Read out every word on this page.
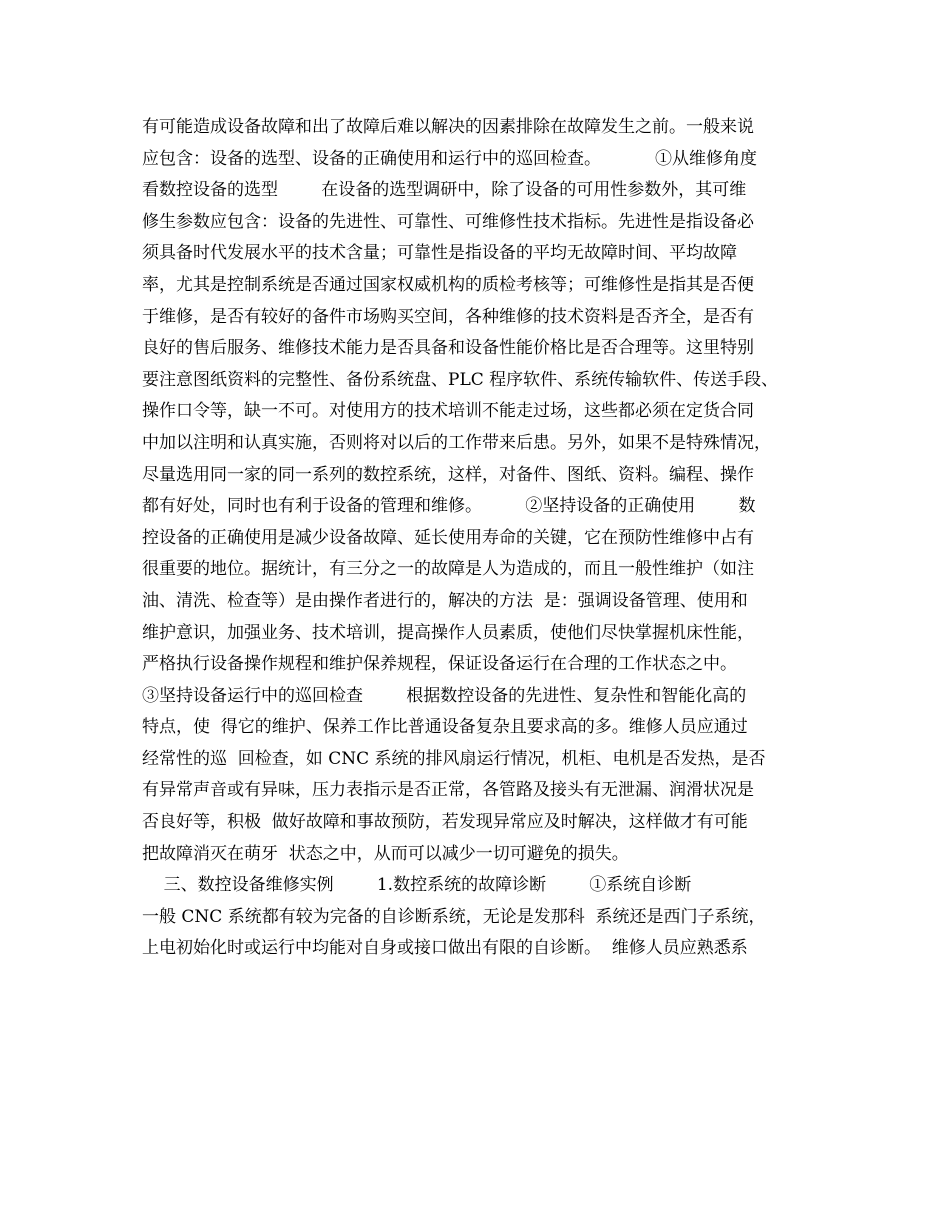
有可能造成设备故障和出了故障后难以解决的因素排除在故障发生之前。一般来说
应包含：设备的选型、设备的正确使用和运行中的巡回检查。          ①从维修角度
看数控设备的选型        在设备的选型调研中，除了设备的可用性参数外，其可维
修生参数应包含：设备的先进性、可靠性、可维修性技术指标。先进性是指设备必
须具备时代发展水平的技术含量；可靠性是指设备的平均无故障时间、平均故障
率，尤其是控制系统是否通过国家权威机构的质检考核等；可维修性是指其是否便
于维修，是否有较好的备件市场购买空间，各种维修的技术资料是否齐全，是否有
良好的售后服务、维修技术能力是否具备和设备性能价格比是否合理等。这里特别
要注意图纸资料的完整性、备份系统盘、PLC 程序软件、系统传输软件、传送手段、
操作口令等，缺一不可。对使用方的技术培训不能走过场，这些都必须在定货合同
中加以注明和认真实施，否则将对以后的工作带来后患。另外，如果不是特殊情况，
尽量选用同一家的同一系列的数控系统，这样，对备件、图纸、资料。编程、操作
都有好处，同时也有利于设备的管理和维修。        ②坚持设备的正确使用        数
控设备的正确使用是减少设备故障、延长使用寿命的关键，它在预防性维修中占有
很重要的地位。据统计，有三分之一的故障是人为造成的，而且一般性维护（如注
油、清洗、检查等）是由操作者进行的，解决的方法  是：强调设备管理、使用和
维护意识，加强业务、技术培训，提高操作人员素质，使他们尽快掌握机床性能，
严格执行设备操作规程和维护保养规程，保证设备运行在合理的工作状态之中。
③坚持设备运行中的巡回检查        根据数控设备的先进性、复杂性和智能化高的
特点，使  得它的维护、保养工作比普通设备复杂且要求高的多。维修人员应通过
经常性的巡  回检查，如 CNC 系统的排风扇运行情况，机柜、电机是否发热，是否
有异常声音或有异味，压力表指示是否正常，各管路及接头有无泄漏、润滑状况是
否良好等，积极  做好故障和事故预防，若发现异常应及时解决，这样做才有可能
把故障消灭在萌牙  状态之中，从而可以减少一切可避免的损失。
三、数控设备维修实例        1.数控系统的故障诊断        ①系统自诊断
一般 CNC 系统都有较为完备的自诊断系统，无论是发那科  系统还是西门子系统，
上电初始化时或运行中均能对自身或接口做出有限的自诊断。  维修人员应熟悉系
